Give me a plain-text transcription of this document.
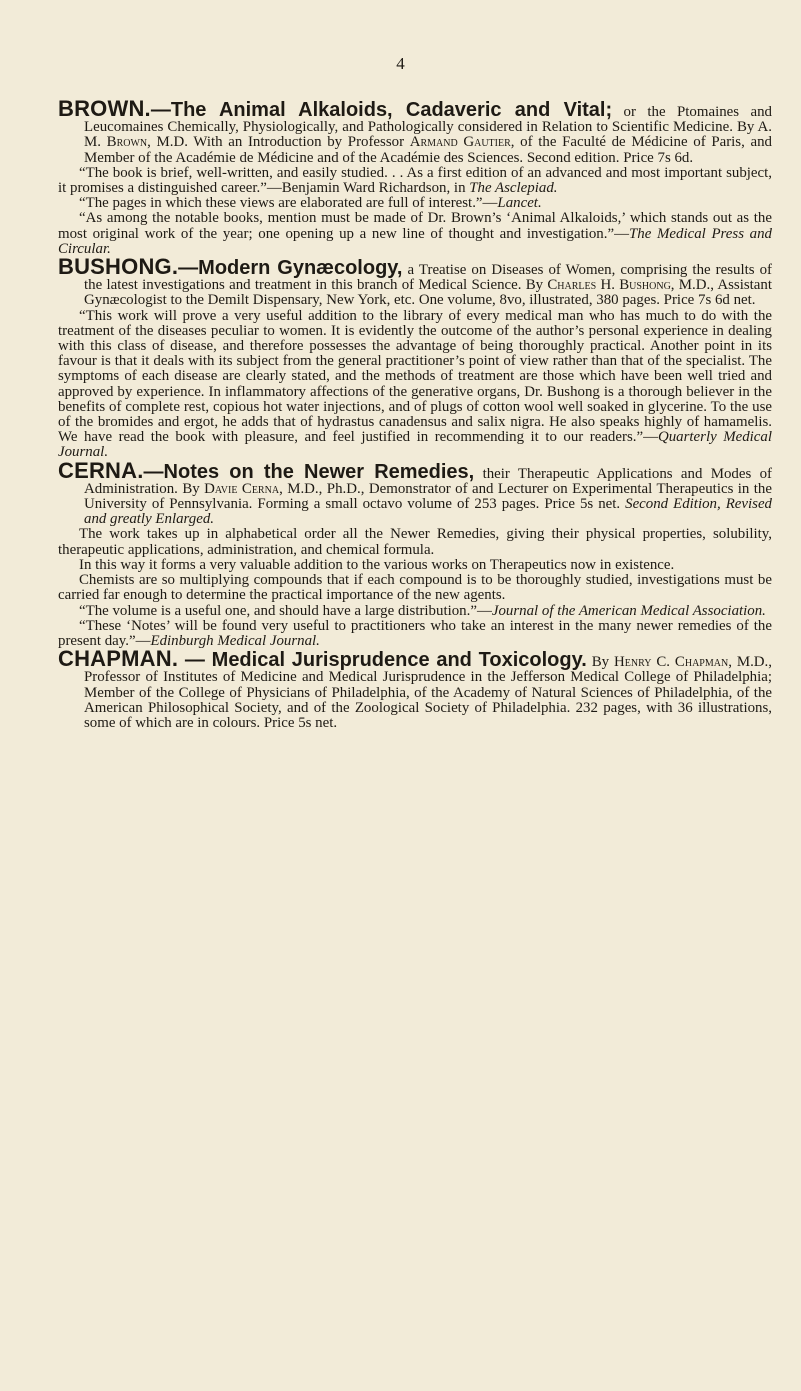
4

BROWN.—The Animal Alkaloids, Cadaveric and Vital; or the Ptomaines and Leucomaines Chemically, Physiologically, and Pathologically considered in Relation to Scientific Medicine. By A. M. Brown, M.D. With an Introduction by Professor Armand Gautier, of the Faculté de Médicine of Paris, and Member of the Académie de Médicine and of the Académie des Sciences. Second edition. Price 7s 6d.

“The book is brief, well-written, and easily studied. . . As a first edition of an advanced and most important subject, it promises a distinguished career.”—Benjamin Ward Richardson, in The Asclepiad.

“The pages in which these views are elaborated are full of interest.”—Lancet.

“As among the notable books, mention must be made of Dr. Brown’s ‘Animal Alkaloids,’ which stands out as the most original work of the year; one opening up a new line of thought and investigation.”—The Medical Press and Circular.

BUSHONG.—Modern Gynæcology, a Treatise on Diseases of Women, comprising the results of the latest investigations and treatment in this branch of Medical Science. By Charles H. Bushong, M.D., Assistant Gynæcologist to the Demilt Dispensary, New York, etc. One volume, 8vo, illustrated, 380 pages. Price 7s 6d net.

“This work will prove a very useful addition to the library of every medical man who has much to do with the treatment of the diseases peculiar to women. It is evidently the outcome of the author’s personal experience in dealing with this class of disease, and therefore possesses the advantage of being thoroughly practical. Another point in its favour is that it deals with its subject from the general practitioner’s point of view rather than that of the specialist. The symptoms of each disease are clearly stated, and the methods of treatment are those which have been well tried and approved by experience. In inflammatory affections of the generative organs, Dr. Bushong is a thorough believer in the benefits of complete rest, copious hot water injections, and of plugs of cotton wool well soaked in glycerine. To the use of the bromides and ergot, he adds that of hydrastus canadensus and salix nigra. He also speaks highly of hamamelis. We have read the book with pleasure, and feel justified in recommending it to our readers.”—Quarterly Medical Journal.

CERNA.—Notes on the Newer Remedies, their Therapeutic Applications and Modes of Administration. By Davie Cerna, M.D., Ph.D., Demonstrator of and Lecturer on Experimental Therapeutics in the University of Pennsylvania. Forming a small octavo volume of 253 pages. Price 5s net. Second Edition, Revised and greatly Enlarged.

The work takes up in alphabetical order all the Newer Remedies, giving their physical properties, solubility, therapeutic applications, administration, and chemical formula.

In this way it forms a very valuable addition to the various works on Therapeutics now in existence.

Chemists are so multiplying compounds that if each compound is to be thoroughly studied, investigations must be carried far enough to determine the practical importance of the new agents.

“The volume is a useful one, and should have a large distribution.”—Journal of the American Medical Association.

“These ‘Notes’ will be found very useful to practitioners who take an interest in the many newer remedies of the present day.”—Edinburgh Medical Journal.

CHAPMAN. — Medical Jurisprudence and Toxicology. By Henry C. Chapman, M.D., Professor of Institutes of Medicine and Medical Jurisprudence in the Jefferson Medical College of Philadelphia; Member of the College of Physicians of Philadelphia, of the Academy of Natural Sciences of Philadelphia, of the American Philosophical Society, and of the Zoological Society of Philadelphia. 232 pages, with 36 illustrations, some of which are in colours. Price 5s net.
